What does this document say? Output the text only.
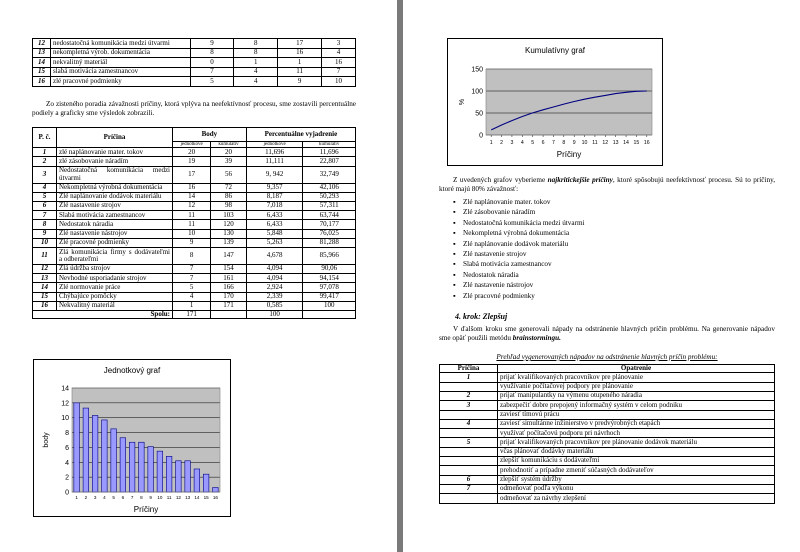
12	nedostatočná komunikácia medzi útvarmi	9	8	17	3
13	nekompletná výrob. dokumentácia	8	8	16	4
14	nekvalitný materiál	0	1	1	16
15	slabá motivácia zamestnancov	7	4	11	7
16	zlé pracovné podmienky	5	4	9	10
Zo zisteného poradia závažnosti príčiny, ktorá vplýva na neefektívnosť procesu, sme zostavili percentuálne podiely a graficky sme výsledok zobrazili.
P. č.	Príčina	Body		Percentuálne vyjadrenie	
		jednotkové	kumulatív	jednotkové	kumulatív
1	zlé naplánovanie mater. tokov	20	20	11,696	11,696
2	zlé zásobovanie náradím	19	39	11,111	22,807
3	Nedostatočná komunikácia medzi útvarmi	17	56	9, 942	32,749
4	Nekompletná výrobná dokumentácia	16	72	9,357	42,106
5	Zlé naplánovanie dodávok materiálu	14	86	8,187	50,293
6	Zlé nastavenie strojov	12	98	7,018	57,311
7	Slabá motivácia zamestnancov	11	103	6,433	63,744
8	Nedostatok náradia	11	120	6,433	70,177
9	Zlé nastavenie nástrojov	10	130	5,848	76,025
10	Zlé pracovné podmienky	9	139	5,263	81,288
11	Zlá komunikácia firmy s dodávateľmi a odberateľmi	8	147	4,678	85,966
12	Zlá údržba strojov	7	154	4,094	90,06
13	Nevhodné usporiadanie strojov	7	161	4,094	94,154
14	Zlé normovanie práce	5	166	2,924	97,078
15	Chýbajúce pomôcky	4	170	2,339	99,417
16	Nekvalitný materiál	1	171	0,585	100
Spolu:		171		100	
Jednotkový graf
0
2
4
6
8
10
12
14
1 2 3 4 5 6 7 8 9 10 11 12 13 14 15 16
Príčiny
body
Kumulatívny graf
0
50
100
150
1 2 3 4 5 6 7 8 9 10 11 12 13 14 15 16
Príčiny
%
Z uvedených grafov vyberieme najkritickejšie príčiny, ktoré spôsobujú neefektívnosť procesu. Sú to príčiny, ktoré majú 80% závažnosť:
▪ Zlé naplánovanie mater. tokov
▪ Zlé zásobovanie náradím
▪ Nedostatočná komunikácia medzi útvarmi
▪ Nekompletná výrobná dokumentácia
▪ Zlé naplánovanie dodávok materiálu
▪ Zlé nastavenie strojov
▪ Slabá motivácia zamestnancov
▪ Nedostatok náradia
▪ Zlé nastavenie nástrojov
▪ Zlé pracovné podmienky
4. krok: Zlepšuj
V ďalšom kroku sme generovali nápady na odstránenie hlavných príčin problému. Na generovanie nápadov sme opäť použili metódu brainstormingu.
Prehľad vygenerovaných nápadov na odstránenie hlavných príčin problému:
Príčina	Opatrenie
1	prijať kvalifikovaných pracovníkov pre plánovanie
	využívanie počítačovej podpory pre plánovanie
2	prijať manipulantky na výmenu otupeného náradia
3	zabezpečiť dobre prepojený informačný systém v celom podniku
	zaviesť tímovú prácu
4	zaviesť simultánne inžinierstvo v predvýrobných etapách
	využívať počítačovú podporu pri návrhoch
5	prijať kvalifikovaných pracovníkov pre plánovanie dodávok materiálu
	včas plánovať dodávky materiálu
	zlepšiť komunikáciu s dodávateľmi
	prehodnotiť a prípadne zmeniť súčasných dodávateľov
6	zlepšiť systém údržby
7	odmeňovať podľa výkonu
	odmeňovať za návrhy zlepšení
